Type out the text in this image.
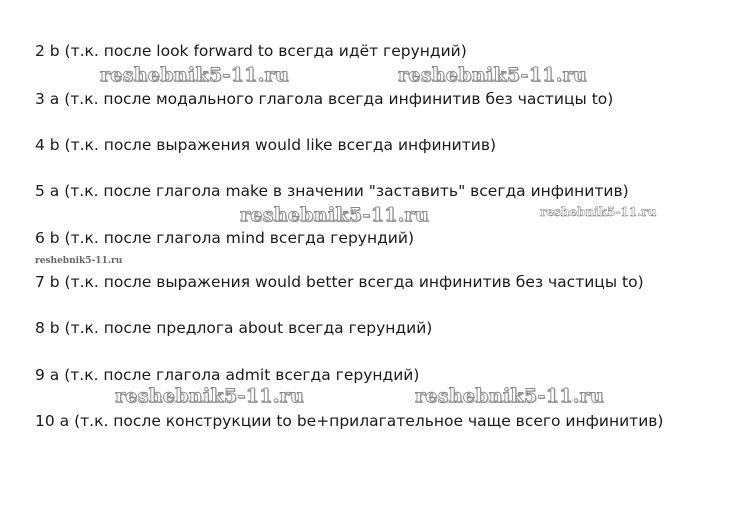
2 b (т.к. после look forward to всегда идёт герундий)
3 a (т.к. после модального глагола всегда инфинитив без частицы to)
4 b (т.к. после выражения would like всегда инфинитив)
5 a (т.к. после глагола make в значении "заставить" всегда инфинитив)
6 b (т.к. после глагола mind всегда герундий)
7 b (т.к. после выражения would better всегда инфинитив без частицы to)
8 b (т.к. после предлога about всегда герундий)
9 a (т.к. после глагола admit всегда герундий)
10 a (т.к. после конструкции to be+прилагательное чаще всего инфинитив)
reshebnik5-11.ru	reshebnik5-11.ru
reshebnik5-11.ru	reshebnik5-11.ru
reshebnik5-11.ru
reshebnik5-11.ru	reshebnik5-11.ru
